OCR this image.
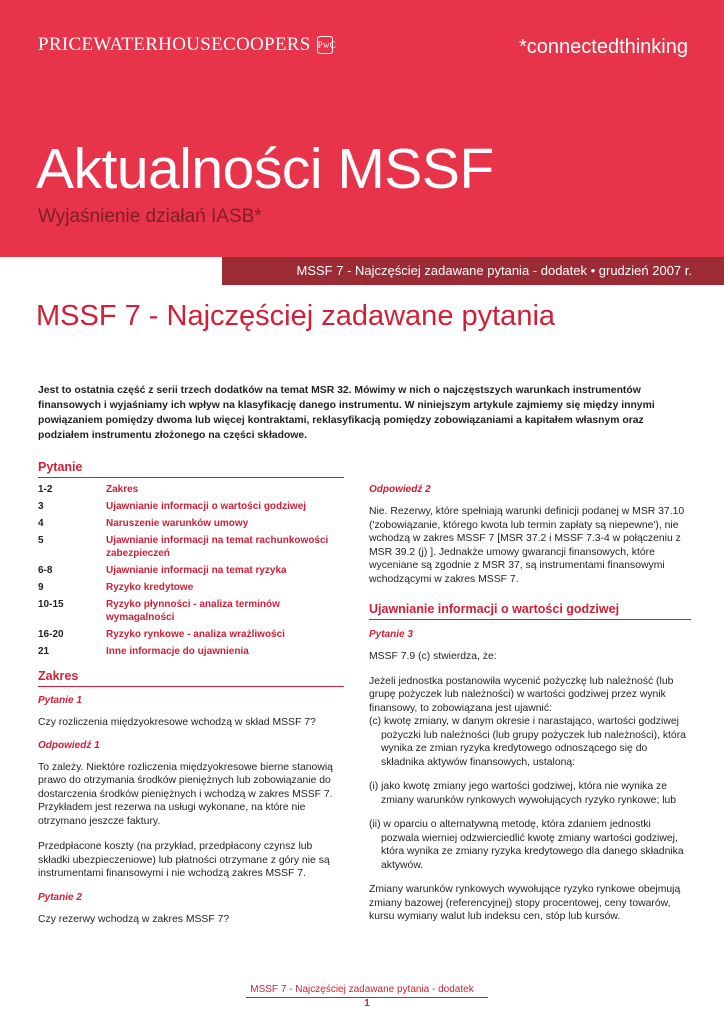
PRICEWATERHOUSECOOPERS PwC	*connectedthinking
Aktualności MSSF
Wyjaśnienie działań IASB*
MSSF 7 - Najczęściej zadawane pytania - dodatek • grudzień 2007 r.
MSSF 7 - Najczęściej zadawane pytania
Jest to ostatnia część z serii trzech dodatków na temat MSR 32. Mówimy w nich o najczęstszych warunkach instrumentów finansowych i wyjaśniamy ich wpływ na klasyfikację danego instrumentu. W niniejszym artykule zajmiemy się między innymi powiązaniem pomiędzy dwoma lub więcej kontraktami, reklasyfikacją pomiędzy zobowiązaniami a kapitałem własnym oraz podziałem instrumentu złożonego na części składowe.
Pytanie
1-2	Zakres
3	Ujawnianie informacji o wartości godziwej
4	Naruszenie warunków umowy
5	Ujawnianie informacji na temat rachunkowości zabezpieczeń
6-8	Ujawnianie informacji na temat ryzyka
9	Ryzyko kredytowe
10-15	Ryzyko płynności - analiza terminów wymagalności
16-20	Ryzyko rynkowe - analiza wrażliwości
21	Inne informacje do ujawnienia
Zakres

Pytanie 1

Czy rozliczenia międzyokresowe wchodzą w skład MSSF 7?

Odpowiedź 1

To zależy. Niektóre rozliczenia międzyokresowe bierne stanowią prawo do otrzymania środków pieniężnych lub zobowiązanie do dostarczenia środków pieniężnych i wchodzą w zakres MSSF 7. Przykładem jest rezerwa na usługi wykonane, na które nie otrzymano jeszcze faktury.

Przedpłacone koszty (na przykład, przedpłacony czynsz lub składki ubezpieczeniowe) lub płatności otrzymane z góry nie są instrumentami finansowymi i nie wchodzą zakres MSSF 7.

Pytanie 2

Czy rezerwy wchodzą w zakres MSSF 7?

Odpowiedź 2

Nie. Rezerwy, które spełniają warunki definicji podanej w MSR 37.10 ('zobowiązanie, którego kwota lub termin zapłaty są niepewne'), nie wchodzą w zakres MSSF 7 [MSR 37.2 i MSSF 7.3-4 w połączeniu z MSR 39.2 (j) ]. Jednakże umowy gwarancji finansowych, które wyceniane są zgodnie z MSR 37, są instrumentami finansowymi wchodzącymi w zakres MSSF 7.

Ujawnianie informacji o wartości godziwej

Pytanie 3

MSSF 7.9 (c) stwierdza, że:

Jeżeli jednostka postanowiła wycenić pożyczkę lub należność (lub grupę pożyczek lub należności) w wartości godziwej przez wynik finansowy, to zobowiązana jest ujawnić:

(c) kwotę zmiany, w danym okresie i narastająco, wartości godziwej pożyczki lub należności (lub grupy pożyczek lub należności), która wynika ze zmian ryzyka kredytowego odnoszącego się do składnika aktywów finansowych, ustaloną:

(i) jako kwotę zmiany jego wartości godziwej, która nie wynika ze zmiany warunków rynkowych wywołujących ryzyko rynkowe; lub

(ii) w oparciu o alternatywną metodę, która zdaniem jednostki pozwala wierniej odzwierciedlić kwotę zmiany wartości godziwej, która wynika ze zmiany ryzyka kredytowego dla danego składnika aktywów.

Zmiany warunków rynkowych wywołujące ryzyko rynkowe obejmują zmiany bazowej (referencyjnej) stopy procentowej, ceny towarów, kursu wymiany walut lub indeksu cen, stóp lub kursów.

MSSF 7 - Najczęściej zadawane pytania - dodatek
1
